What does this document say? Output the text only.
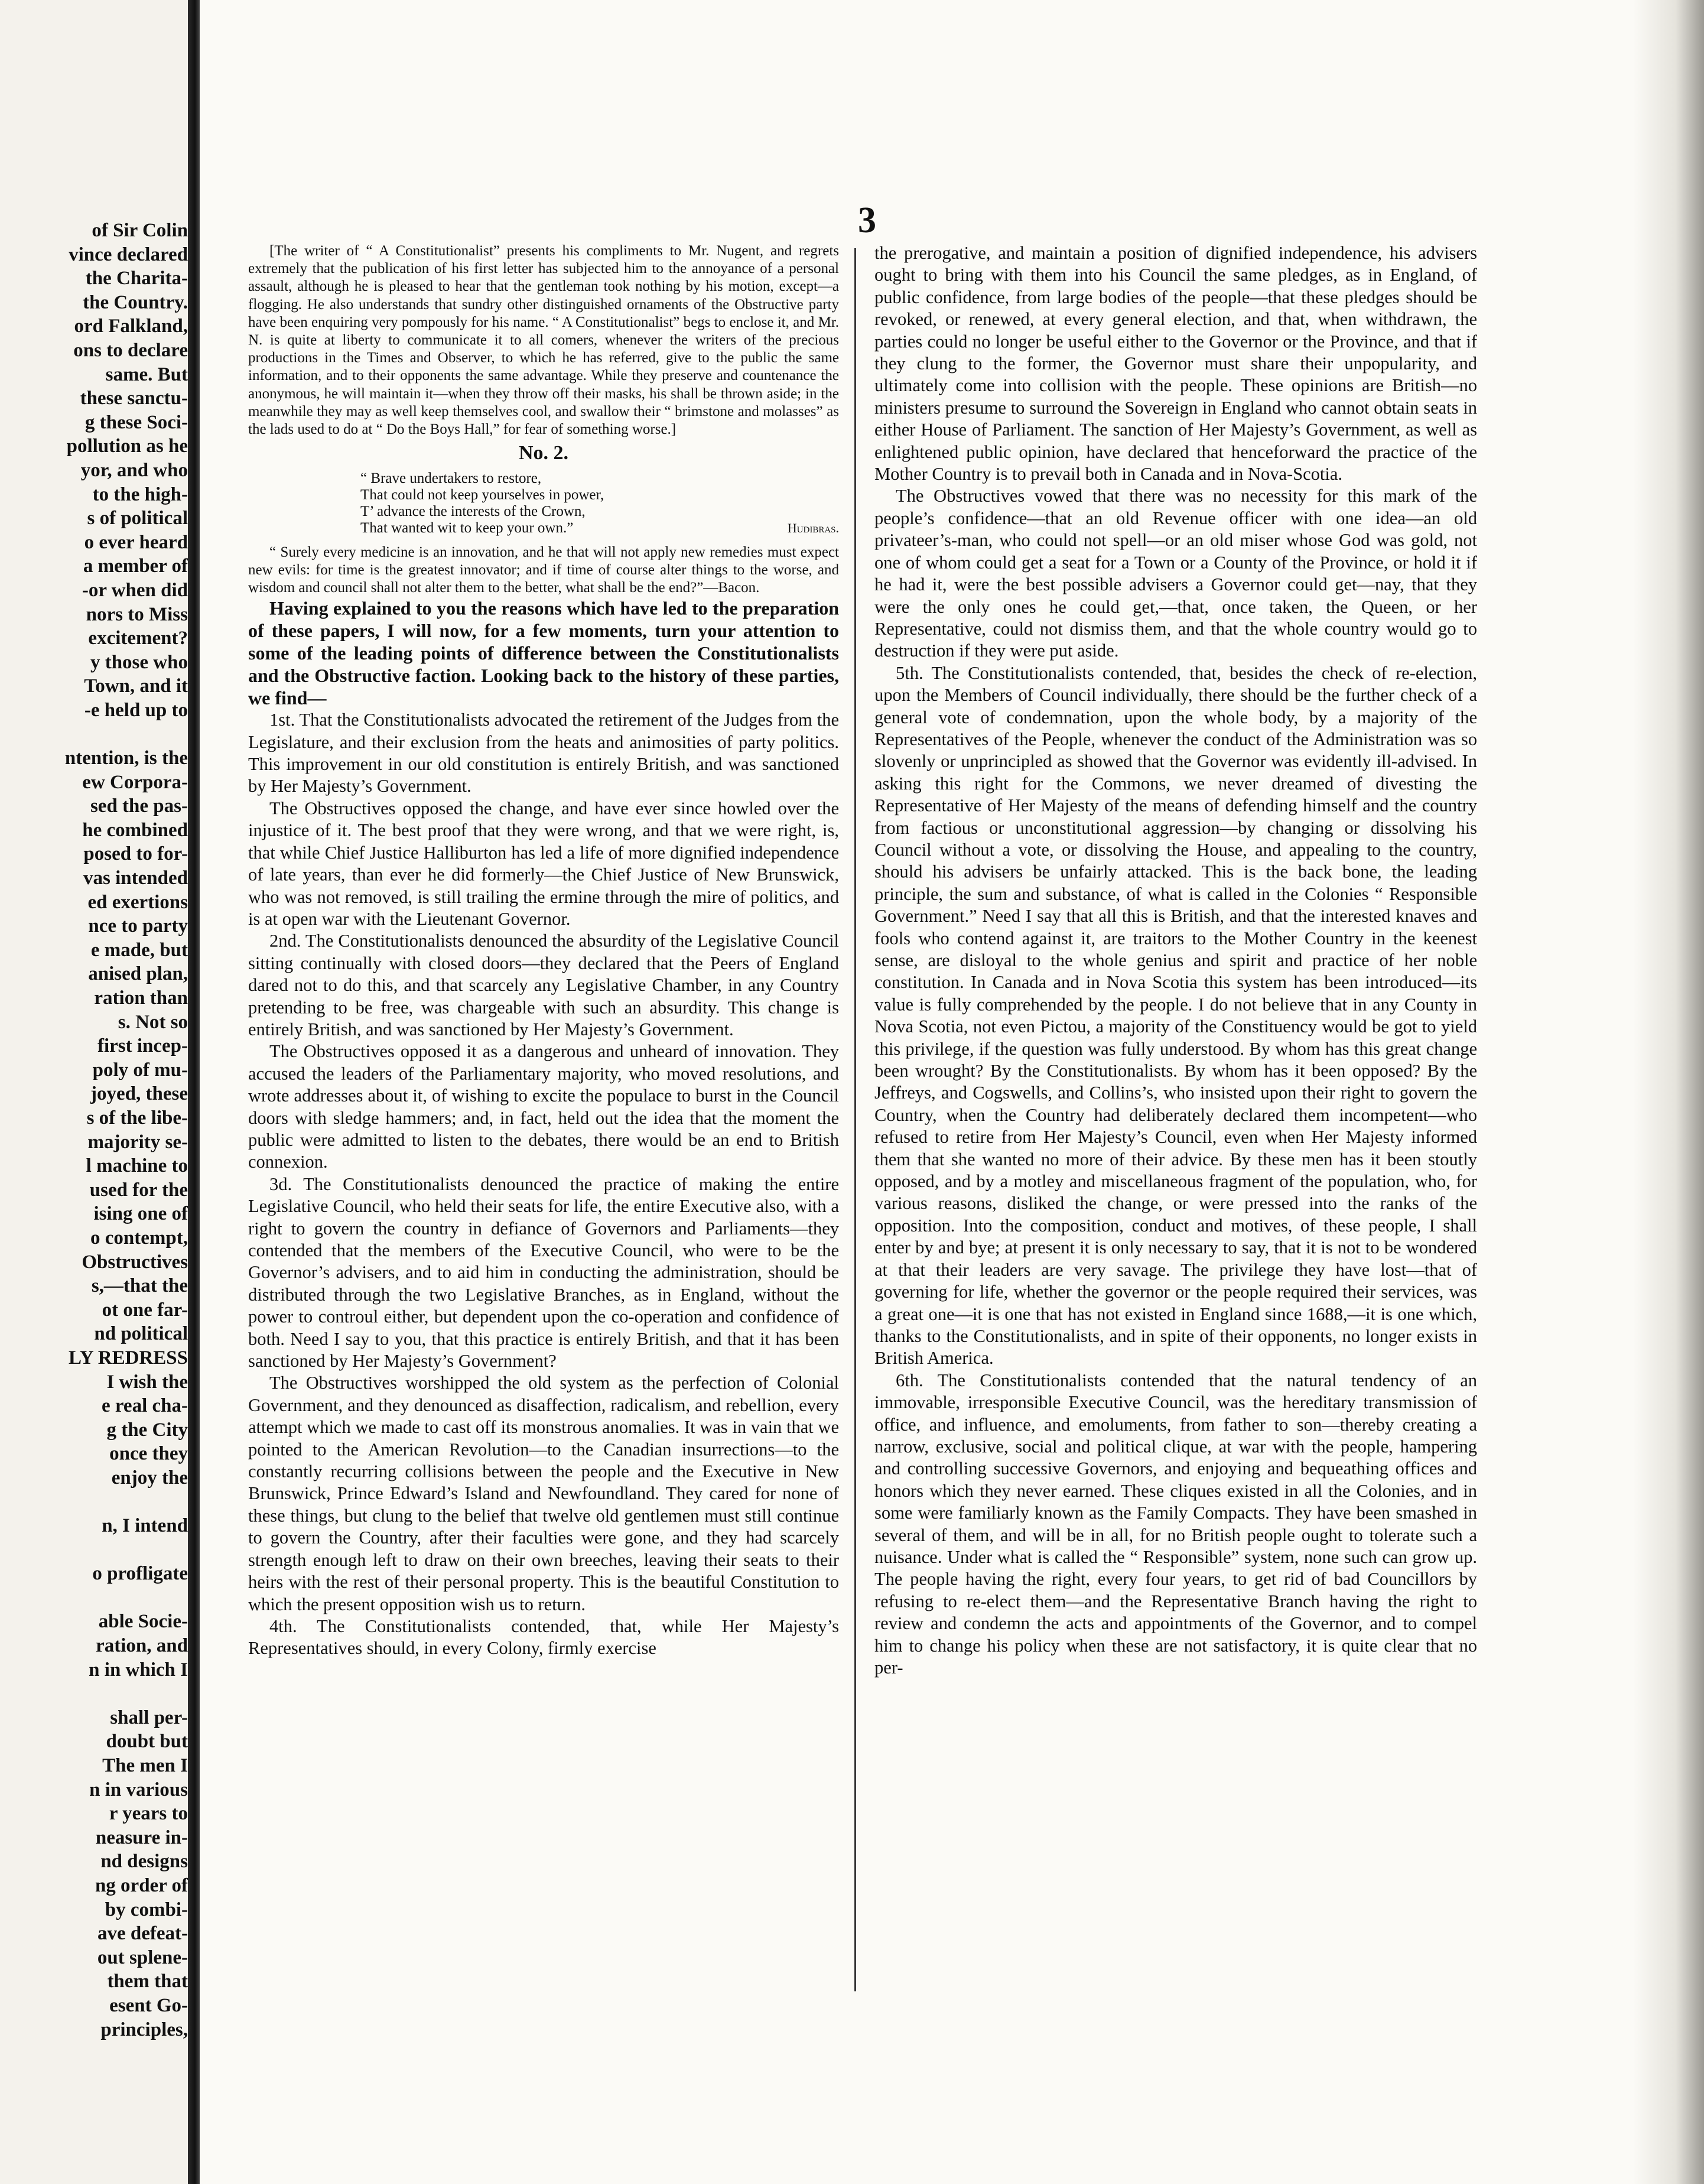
of Sir Colin
vince declared
the Charita-
the Country.
ord Falkland,
ons to declare
same. But
these sanctu-
g these Soci-
pollution as he
yor, and who
to the high-
s of political
o ever heard
a member of
-or when did
nors to Miss
excitement?
y those who
Town, and it
-e held up to

ntention, is the
ew Corpora-
sed the pas-
he combined
posed to for-
vas intended
ed exertions
nce to party
e made, but
anised plan,
ration than
s. Not so
first incep-
poly of mu-
joyed, these
s of the libe-
majority se-
l machine to
used for the
ising one of
o contempt,
Obstructives
s,—that the
ot one far-
nd political
LY REDRESS
I wish the
e real cha-
g the City
once they
enjoy the

n, I intend

o profligate

able Socie-
ration, and
n in which I

shall per-
doubt but
The men I
n in various
r years to
neasure in-
nd designs
ng order of
by combi-
ave defeat-
out splene-
them that
esent Go-
principles,
3

[The writer of “ A Constitutionalist” presents his compliments to Mr. Nugent, and regrets extremely that the publication of his first letter has subjected him to the annoyance of a personal assault, although he is pleased to hear that the gentleman took nothing by his motion, except—a flogging. He also understands that sundry other distinguished ornaments of the Obstructive party have been enquiring very pompously for his name. “ A Constitutionalist” begs to enclose it, and Mr. N. is quite at liberty to communicate it to all comers, whenever the writers of the precious productions in the Times and Observer, to which he has referred, give to the public the same information, and to their opponents the same advantage. While they preserve and countenance the anonymous, he will maintain it—when they throw off their masks, his shall be thrown aside; in the meanwhile they may as well keep themselves cool, and swallow their “ brimstone and molasses” as the lads used to do at “ Do the Boys Hall,” for fear of something worse.]

No. 2.
“ Brave undertakers to restore,
That could not keep yourselves in power,
T’ advance the interests of the Crown,
That wanted wit to keep your own.”	Hudibras.

“ Surely every medicine is an innovation, and he that will not apply new remedies must expect new evils: for time is the greatest innovator; and if time of course alter things to the worse, and wisdom and council shall not alter them to the better, what shall be the end?”—Bacon.

Having explained to you the reasons which have led to the preparation of these papers, I will now, for a few moments, turn your attention to some of the leading points of difference between the Constitutionalists and the Obstructive faction. Looking back to the history of these parties, we find—

1st. That the Constitutionalists advocated the retirement of the Judges from the Legislature, and their exclusion from the heats and animosities of party politics. This improvement in our old constitution is entirely British, and was sanctioned by Her Majesty’s Government.

The Obstructives opposed the change, and have ever since howled over the injustice of it. The best proof that they were wrong, and that we were right, is, that while Chief Justice Halliburton has led a life of more dignified independence of late years, than ever he did formerly—the Chief Justice of New Brunswick, who was not removed, is still trailing the ermine through the mire of politics, and is at open war with the Lieutenant Governor.

2nd. The Constitutionalists denounced the absurdity of the Legislative Council sitting continually with closed doors—they declared that the Peers of England dared not to do this, and that scarcely any Legislative Chamber, in any Country pretending to be free, was chargeable with such an absurdity. This change is entirely British, and was sanctioned by Her Majesty’s Government.

The Obstructives opposed it as a dangerous and unheard of innovation. They accused the leaders of the Parliamentary majority, who moved resolutions, and wrote addresses about it, of wishing to excite the populace to burst in the Council doors with sledge hammers; and, in fact, held out the idea that the moment the public were admitted to listen to the debates, there would be an end to British connexion.

3d. The Constitutionalists denounced the practice of making the entire Legislative Council, who held their seats for life, the entire Executive also, with a right to govern the country in defiance of Governors and Parliaments—they contended that the members of the Executive Council, who were to be the Governor’s advisers, and to aid him in conducting the administration, should be distributed through the two Legislative Branches, as in England, without the power to controul either, but dependent upon the co-operation and confidence of both. Need I say to you, that this practice is entirely British, and that it has been sanctioned by Her Majesty’s Government?

The Obstructives worshipped the old system as the perfection of Colonial Government, and they denounced as disaffection, radicalism, and rebellion, every attempt which we made to cast off its monstrous anomalies. It was in vain that we pointed to the American Revolution—to the Canadian insurrections—to the constantly recurring collisions between the people and the Executive in New Brunswick, Prince Edward’s Island and Newfoundland. They cared for none of these things, but clung to the belief that twelve old gentlemen must still continue to govern the Country, after their faculties were gone, and they had scarcely strength enough left to draw on their own breeches, leaving their seats to their heirs with the rest of their personal property. This is the beautiful Constitution to which the present opposition wish us to return.

4th. The Constitutionalists contended, that, while Her Majesty’s Representatives should, in every Colony, firmly exercise

the prerogative, and maintain a position of dignified independence, his advisers ought to bring with them into his Council the same pledges, as in England, of public confidence, from large bodies of the people—that these pledges should be revoked, or renewed, at every general election, and that, when withdrawn, the parties could no longer be useful either to the Governor or the Province, and that if they clung to the former, the Governor must share their unpopularity, and ultimately come into collision with the people. These opinions are British—no ministers presume to surround the Sovereign in England who cannot obtain seats in either House of Parliament. The sanction of Her Majesty’s Government, as well as enlightened public opinion, have declared that henceforward the practice of the Mother Country is to prevail both in Canada and in Nova-Scotia.

The Obstructives vowed that there was no necessity for this mark of the people’s confidence—that an old Revenue officer with one idea—an old privateer’s-man, who could not spell—or an old miser whose God was gold, not one of whom could get a seat for a Town or a County of the Province, or hold it if he had it, were the best possible advisers a Governor could get—nay, that they were the only ones he could get,—that, once taken, the Queen, or her Representative, could not dismiss them, and that the whole country would go to destruction if they were put aside.

5th. The Constitutionalists contended, that, besides the check of re-election, upon the Members of Council individually, there should be the further check of a general vote of condemnation, upon the whole body, by a majority of the Representatives of the People, whenever the conduct of the Administration was so slovenly or unprincipled as showed that the Governor was evidently ill-advised. In asking this right for the Commons, we never dreamed of divesting the Representative of Her Majesty of the means of defending himself and the country from factious or unconstitutional aggression—by changing or dissolving his Council without a vote, or dissolving the House, and appealing to the country, should his advisers be unfairly attacked. This is the back bone, the leading principle, the sum and substance, of what is called in the Colonies “ Responsible Government.” Need I say that all this is British, and that the interested knaves and fools who contend against it, are traitors to the Mother Country in the keenest sense, are disloyal to the whole genius and spirit and practice of her noble constitution. In Canada and in Nova Scotia this system has been introduced—its value is fully comprehended by the people. I do not believe that in any County in Nova Scotia, not even Pictou, a majority of the Constituency would be got to yield this privilege, if the question was fully understood. By whom has this great change been wrought? By the Constitutionalists. By whom has it been opposed? By the Jeffreys, and Cogswells, and Collins’s, who insisted upon their right to govern the Country, when the Country had deliberately declared them incompetent—who refused to retire from Her Majesty’s Council, even when Her Majesty informed them that she wanted no more of their advice. By these men has it been stoutly opposed, and by a motley and miscellaneous fragment of the population, who, for various reasons, disliked the change, or were pressed into the ranks of the opposition. Into the composition, conduct and motives, of these people, I shall enter by and bye; at present it is only necessary to say, that it is not to be wondered at that their leaders are very savage. The privilege they have lost—that of governing for life, whether the governor or the people required their services, was a great one—it is one that has not existed in England since 1688,—it is one which, thanks to the Constitutionalists, and in spite of their opponents, no longer exists in British America.

6th. The Constitutionalists contended that the natural tendency of an immovable, irresponsible Executive Council, was the hereditary transmission of office, and influence, and emoluments, from father to son—thereby creating a narrow, exclusive, social and political clique, at war with the people, hampering and controlling successive Governors, and enjoying and bequeathing offices and honors which they never earned. These cliques existed in all the Colonies, and in some were familiarly known as the Family Compacts. They have been smashed in several of them, and will be in all, for no British people ought to tolerate such a nuisance. Under what is called the “ Responsible” system, none such can grow up. The people having the right, every four years, to get rid of bad Councillors by refusing to re-elect them—and the Representative Branch having the right to review and condemn the acts and appointments of the Governor, and to compel him to change his policy when these are not satisfactory, it is quite clear that no per-
